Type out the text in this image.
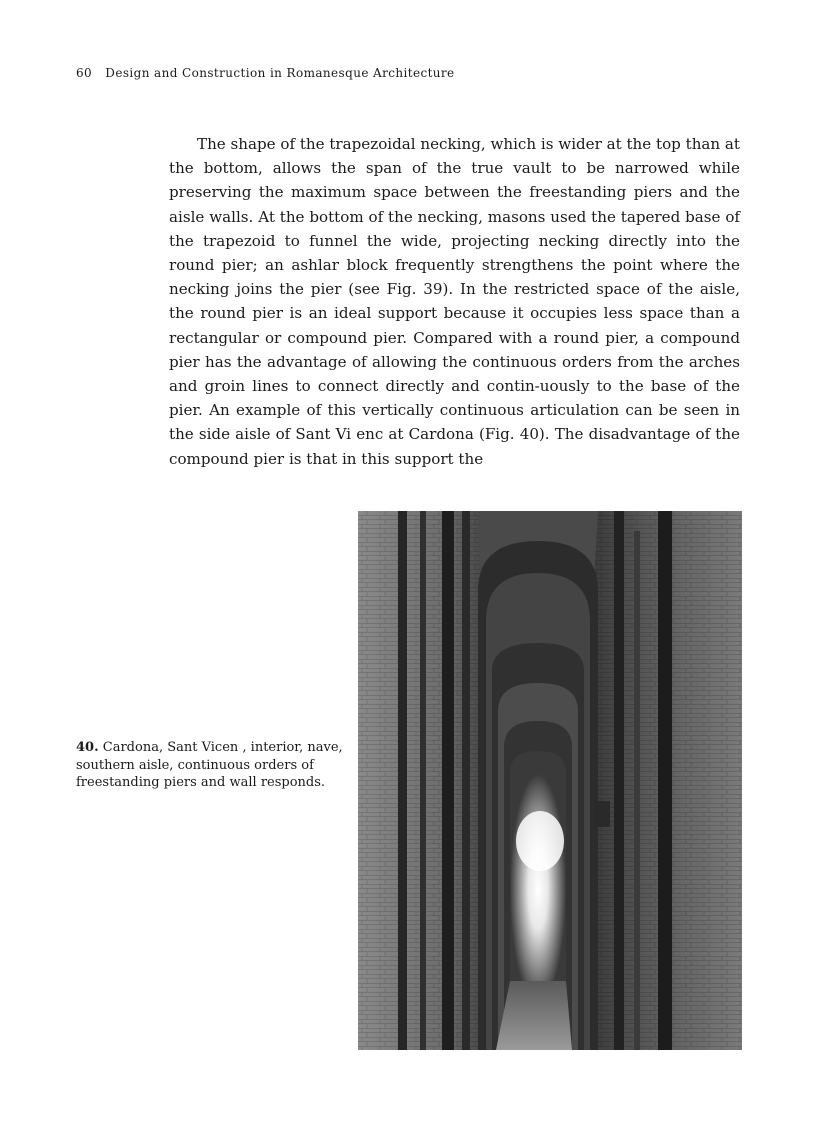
60 Design and Construction in Romanesque Architecture

The shape of the trapezoidal necking, which is wider at the top than at the bottom, allows the span of the true vault to be narrowed while preserving the maximum space between the freestanding piers and the aisle walls. At the bottom of the necking, masons used the tapered base of the trapezoid to funnel the wide, projecting necking directly into the round pier; an ashlar block frequently strengthens the point where the necking joins the pier (see Fig. 39). In the restricted space of the aisle, the round pier is an ideal support because it occupies less space than a rectangular or compound pier. Compared with a round pier, a compound pier has the advantage of allowing the continuous orders from the arches and groin lines to connect directly and contin-uously to the base of the pier. An example of this vertically continuous articulation can be seen in the side aisle of Sant Vi enc at Cardona (Fig. 40). The disadvantage of the compound pier is that in this support the

40. Cardona, Sant Vicen , interior, nave, southern aisle, continuous orders of freestanding piers and wall responds.
